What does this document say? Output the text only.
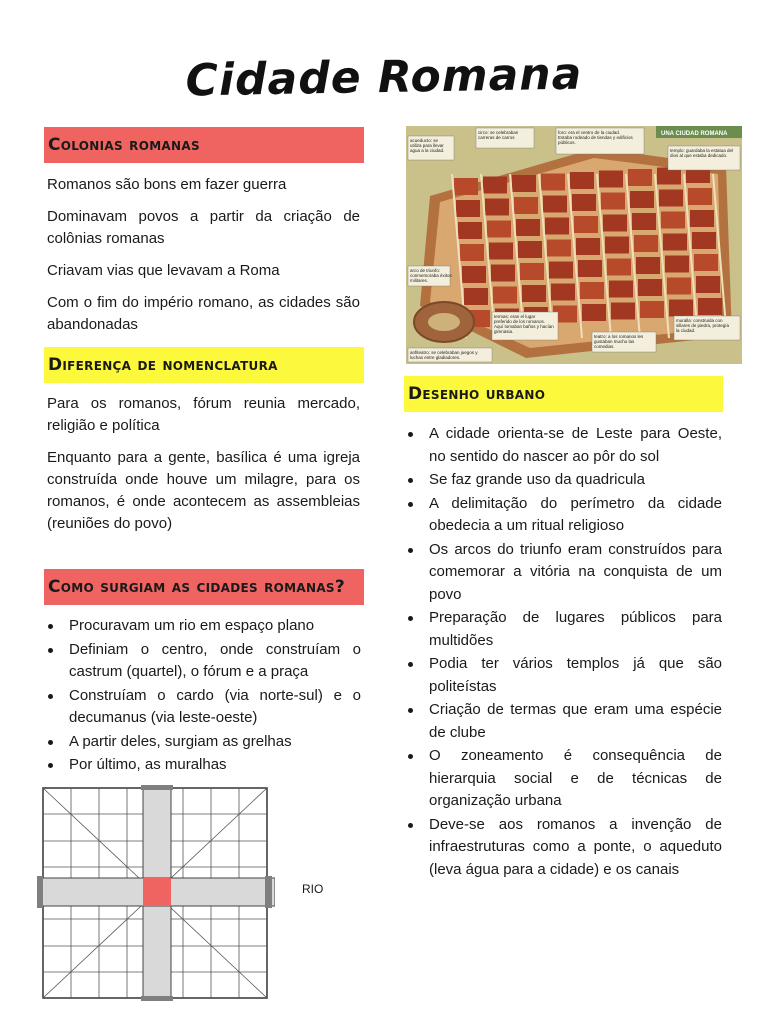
Cidade Romana
Colonias romanas

Romanos são bons em fazer guerra

Dominavam povos a partir da criação de colônias romanas

Criavam vias que levavam a Roma

Com o fim do império romano, as cidades são abandonadas

Diferença de nomenclatura

Para os romanos, fórum reunia mercado, religião e política

Enquanto para a gente, basílica é uma igreja construída onde houve um milagre, para os romanos, é onde acontecem as assembleias (reuniões do povo)

Como surgiam as cidades romanas?
Procuravam um rio em espaço plano
Definiam o centro, onde construíam o castrum (quartel), o fórum e a praça
Construíam o cardo (via norte-sul) e o decumanus (via leste-oeste)
A partir deles, surgiam as grelhas
Por último, as muralhas
RIO
UNA CIUDAD ROMANA
acueducto: se utiliza para llevar agua a la ciudad.
circo: se celebraban carreras de carros
foro: era el centro de la ciudad. Estaba rodeado de tiendas y edificios públicos.
templo: guardaba la estatua del dios al que estaba dedicado.
arco de triunfo: conmemoraba éxitos militares.
termas: eran el lugar preferido de los romanos. Aquí tomaban baños y hacían gimnasia.
muralla: construida con sillares de piedra, protegía la ciudad.
anfiteatro: se celebraban juegos y luchas entre gladiadores.
teatro: a los romanos les gustaban mucho las comedias.
Desenho urbano
A cidade orienta-se de Leste para Oeste, no sentido do nascer ao pôr do sol
Se faz grande uso da quadricula
A delimitação do perímetro da cidade obedecia a um ritual religioso
Os arcos do triunfo eram construídos para comemorar a vitória na conquista de um povo
Preparação de lugares públicos para multidões
Podia ter vários templos já que são politeístas
Criação de termas que eram uma espécie de clube
O zoneamento é consequência de hierarquia social e de técnicas de organização urbana
Deve-se aos romanos a invenção de infraestruturas como a ponte, o aqueduto (leva água para a cidade) e os canais
